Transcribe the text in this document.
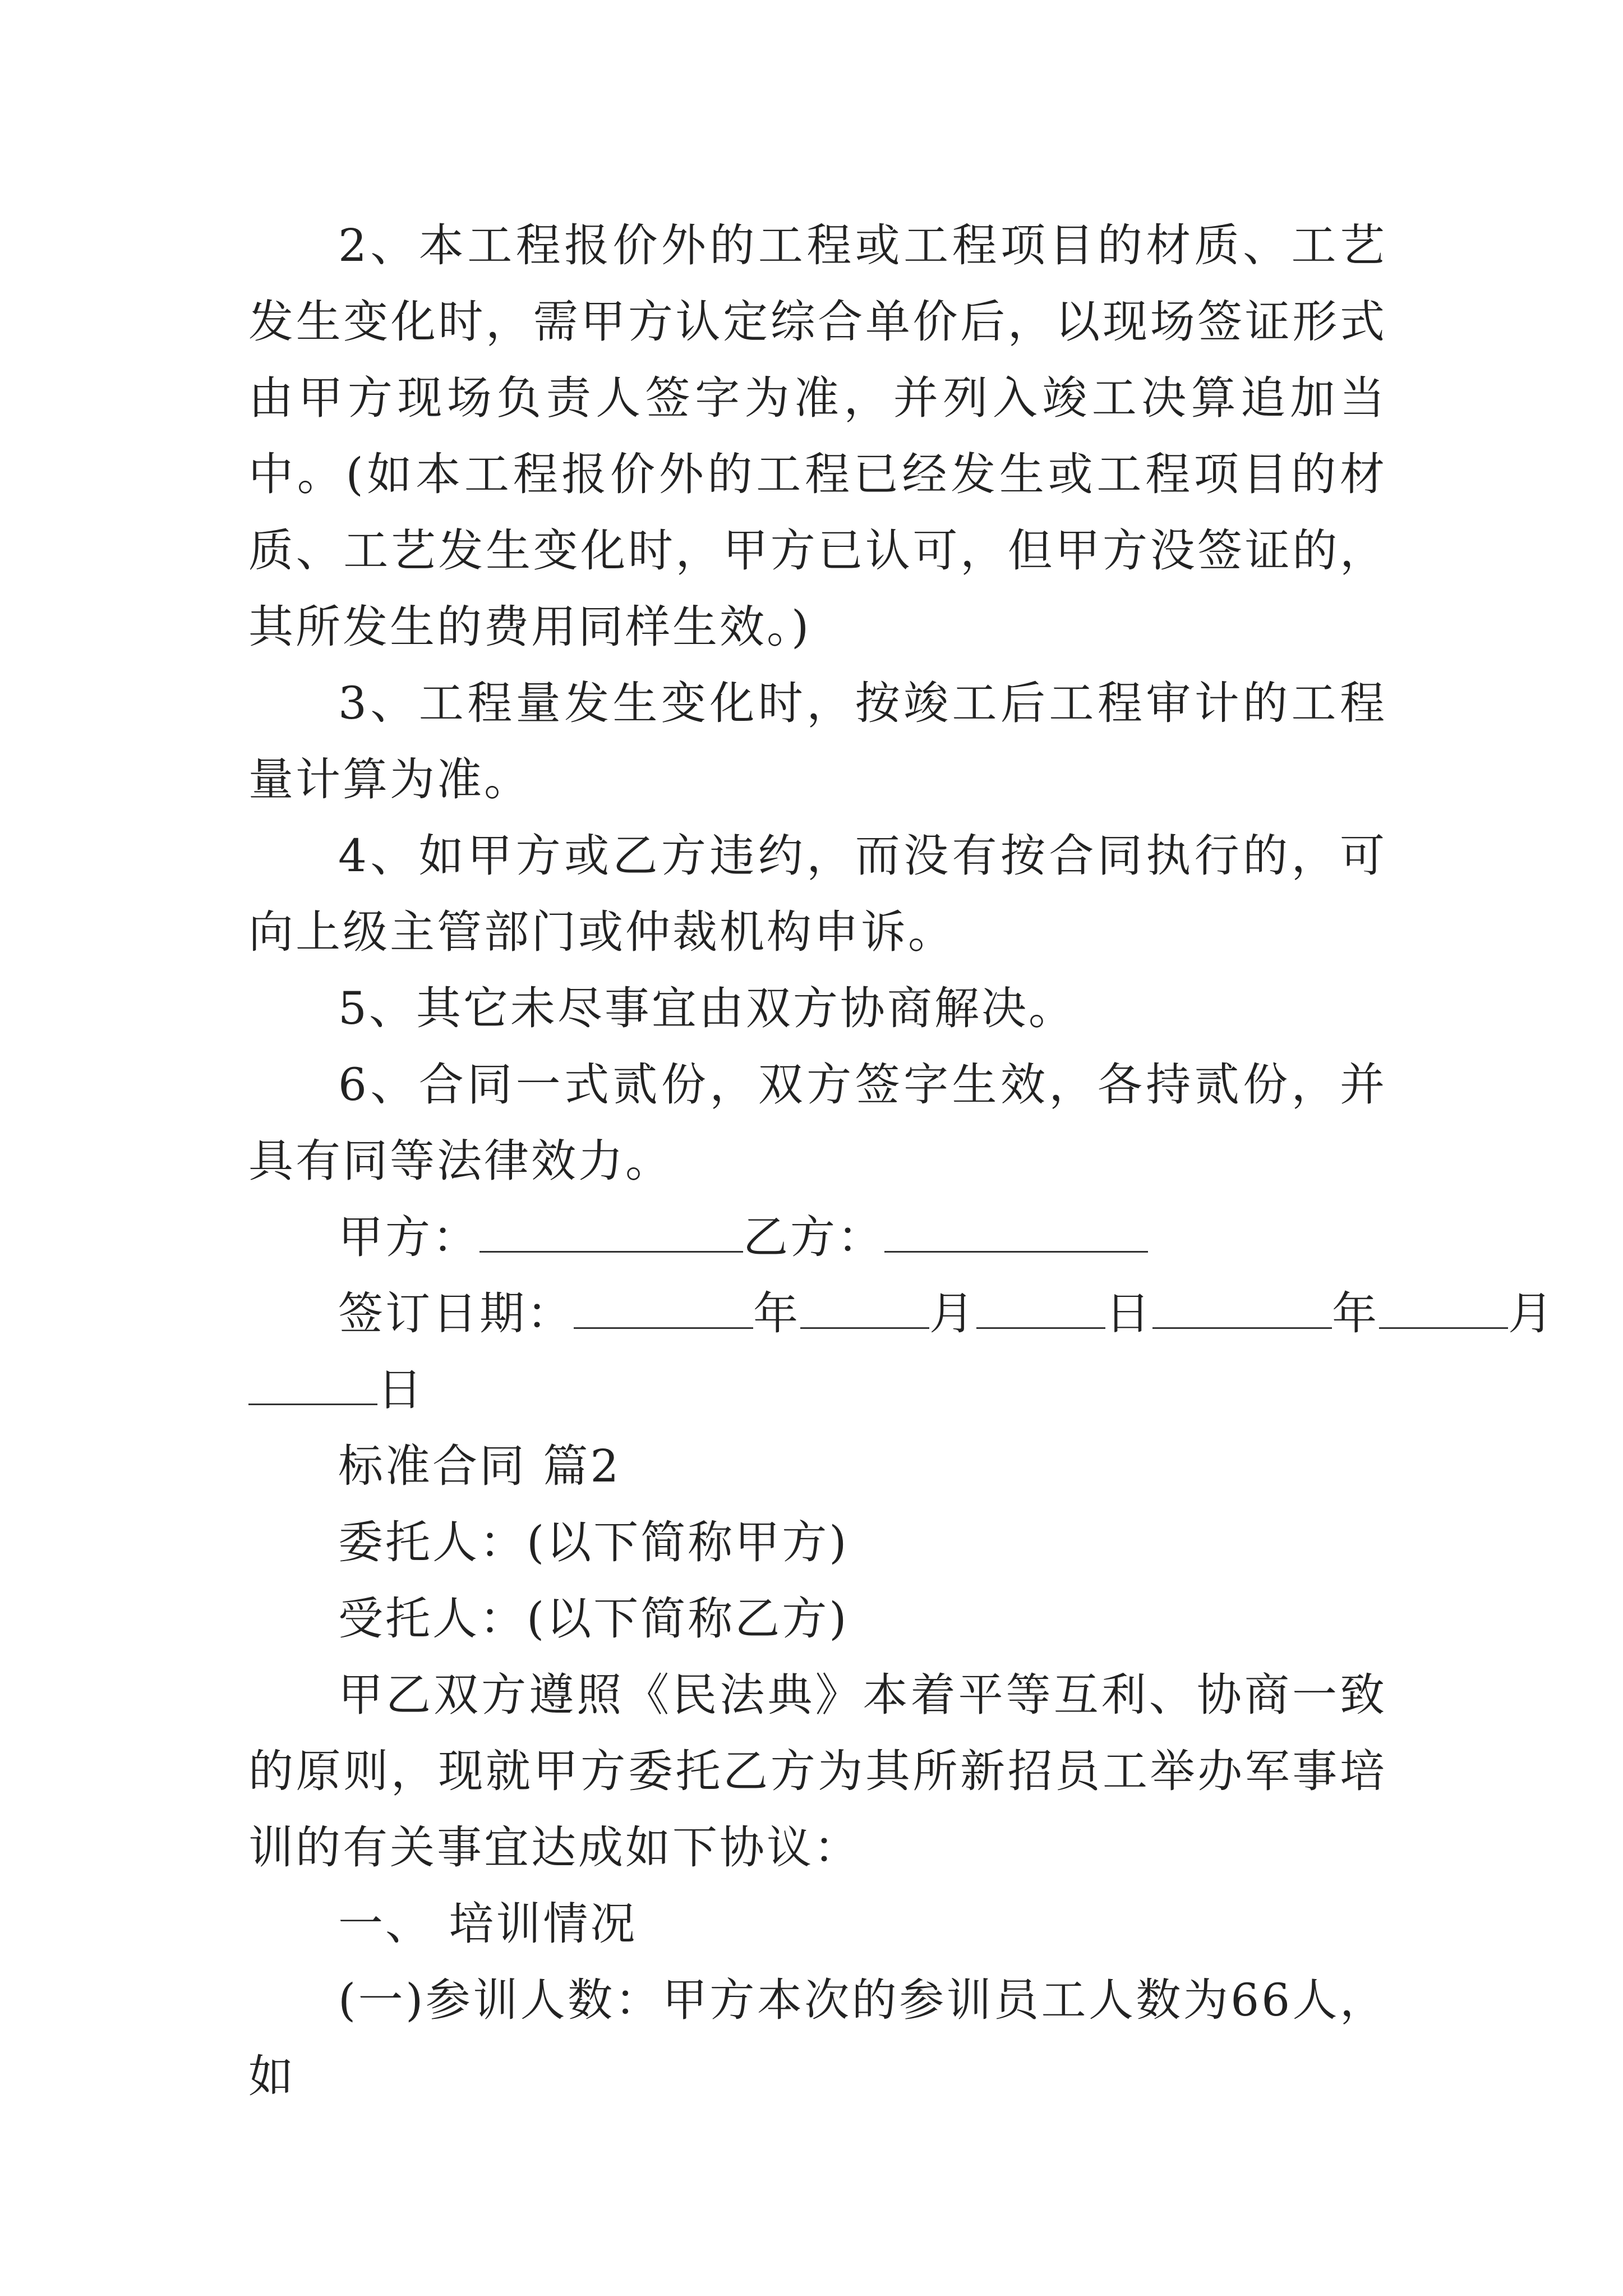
2、本工程报价外的工程或工程项目的材质、工艺发生变化时，需甲方认定综合单价后，以现场签证形式由甲方现场负责人签字为准，并列入竣工决算追加当中。(如本工程报价外的工程已经发生或工程项目的材质、工艺发生变化时，甲方已认可，但甲方没签证的，其所发生的费用同样生效。)

3、工程量发生变化时，按竣工后工程审计的工程量计算为准。

4、如甲方或乙方违约，而没有按合同执行的，可向上级主管部门或仲裁机构申诉。

5、其它未尽事宜由双方协商解决。

6、合同一式贰份，双方签字生效，各持贰份，并具有同等法律效力。

甲方：	乙方：

签订日期：	年	月	日	年	月

日

标准合同 篇2

委托人：(以下简称甲方)

受托人：(以下简称乙方)

甲乙双方遵照《民法典》本着平等互利、协商一致的原则，现就甲方委托乙方为其所新招员工举办军事培训的有关事宜达成如下协议：

一、 培训情况

(一)参训人数：甲方本次的参训员工人数为66人，如
